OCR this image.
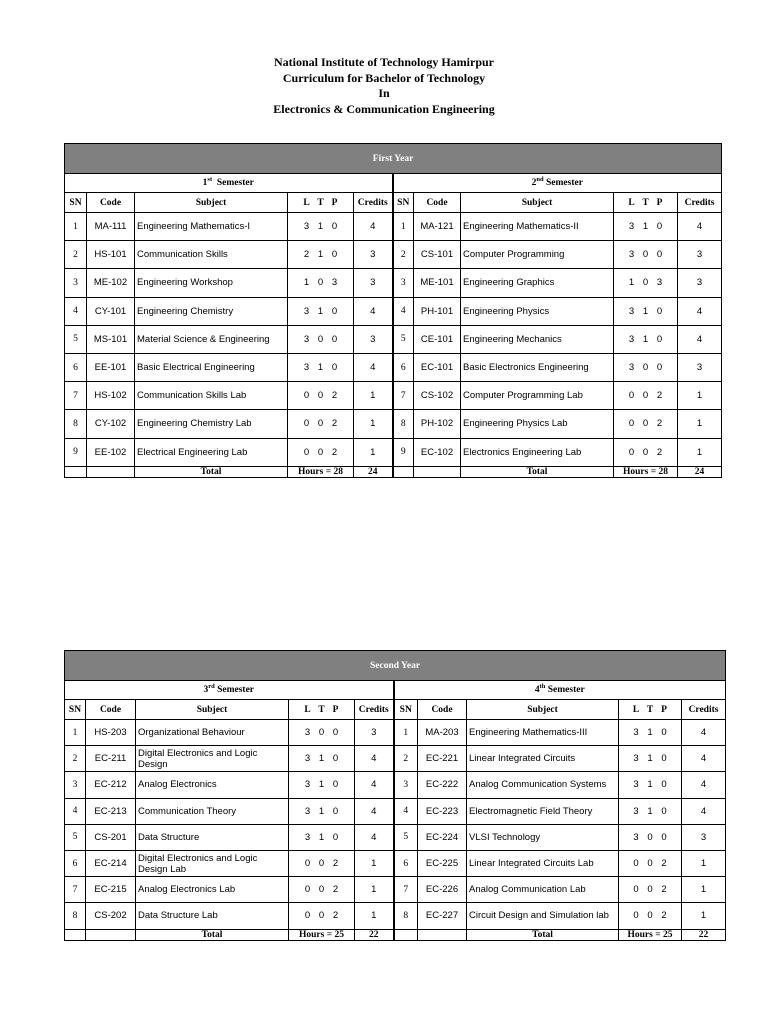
National Institute of Technology Hamirpur
Curriculum for Bachelor of Technology
In
Electronics & Communication Engineering
First Year									
1st Semester					2nd Semester				
SN	Code	Subject	L T P	Credits	SN	Code	Subject	L T P	Credits
1	MA-111	Engineering Mathematics-I	3 1 0	4	1	MA-121	Engineering Mathematics-II	3 1 0	4
2	HS-101	Communication Skills	2 1 0	3	2	CS-101	Computer Programming	3 0 0	3
3	ME-102	Engineering Workshop	1 0 3	3	3	ME-101	Engineering Graphics	1 0 3	3
4	CY-101	Engineering Chemistry	3 1 0	4	4	PH-101	Engineering Physics	3 1 0	4
5	MS-101	Material Science & Engineering	3 0 0	3	5	CE-101	Engineering Mechanics	3 1 0	4
6	EE-101	Basic Electrical Engineering	3 1 0	4	6	EC-101	Basic Electronics Engineering	3 0 0	3
7	HS-102	Communication Skills Lab	0 0 2	1	7	CS-102	Computer Programming Lab	0 0 2	1
8	CY-102	Engineering Chemistry Lab	0 0 2	1	8	PH-102	Engineering Physics Lab	0 0 2	1
9	EE-102	Electrical Engineering Lab	0 0 2	1	9	EC-102	Electronics Engineering Lab	0 0 2	1
		Total	Hours = 28	24			Total	Hours = 28	24
Second Year									
3rd Semester					4th Semester				
SN	Code	Subject	L T P	Credits	SN	Code	Subject	L T P	Credits
1	HS-203	Organizational Behaviour	3 0 0	3	1	MA-203	Engineering Mathematics-III	3 1 0	4
2	EC-211	Digital Electronics and Logic Design	3 1 0	4	2	EC-221	Linear Integrated Circuits	3 1 0	4
3	EC-212	Analog Electronics	3 1 0	4	3	EC-222	Analog Communication Systems	3 1 0	4
4	EC-213	Communication Theory	3 1 0	4	4	EC-223	Electromagnetic Field Theory	3 1 0	4
5	CS-201	Data Structure	3 1 0	4	5	EC-224	VLSI Technology	3 0 0	3
6	EC-214	Digital Electronics and Logic Design Lab	0 0 2	1	6	EC-225	Linear Integrated Circuits Lab	0 0 2	1
7	EC-215	Analog Electronics Lab	0 0 2	1	7	EC-226	Analog Communication Lab	0 0 2	1
8	CS-202	Data Structure Lab	0 0 2	1	8	EC-227	Circuit Design and Simulation lab	0 0 2	1
		Total	Hours = 25	22			Total	Hours = 25	22
